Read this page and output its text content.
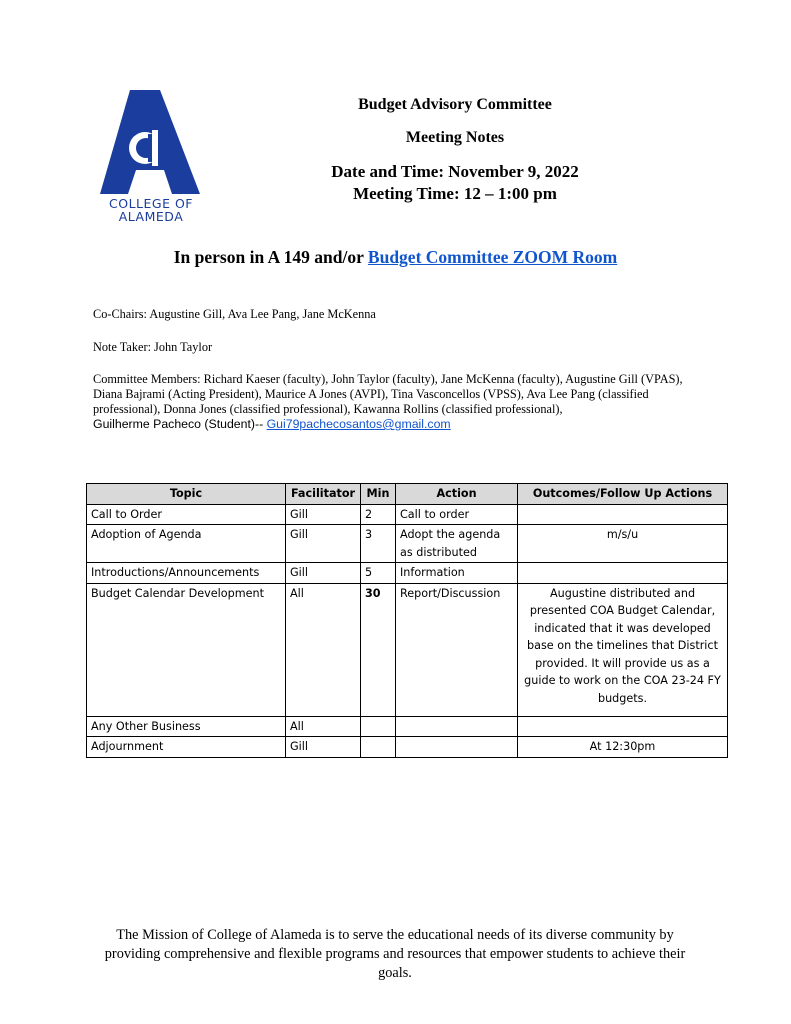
COLLEGE OF
ALAMEDA
Budget Advisory Committee
Meeting Notes
Date and Time: November 9, 2022
Meeting Time: 12 – 1:00 pm
In person in A 149 and/or Budget Committee ZOOM Room
Co-Chairs: Augustine Gill, Ava Lee Pang, Jane McKenna
Note Taker: John Taylor
Committee Members: Richard Kaeser (faculty), John Taylor (faculty), Jane McKenna (faculty), Augustine Gill (VPAS), Diana Bajrami (Acting President), Maurice A Jones (AVPI), Tina Vasconcellos (VPSS), Ava Lee Pang (classified professional), Donna Jones (classified professional), Kawanna Rollins (classified professional),
Guilherme Pacheco (Student)-- Gui79pachecosantos@gmail.com
Topic	Facilitator	Min	Action	Outcomes/Follow Up Actions
Call to Order	Gill	2	Call to order	
Adoption of Agenda	Gill	3	Adopt the agenda as distributed	m/s/u
Introductions/Announcements	Gill	5	Information	
Budget Calendar Development	All	30	Report/Discussion	Augustine distributed and presented COA Budget Calendar, indicated that it was developed base on the timelines that District provided. It will provide us as a guide to work on the COA 23-24 FY budgets.
Any Other Business	All			
Adjournment	Gill			At 12:30pm
The Mission of College of Alameda is to serve the educational needs of its diverse community by providing comprehensive and flexible programs and resources that empower students to achieve their goals.
